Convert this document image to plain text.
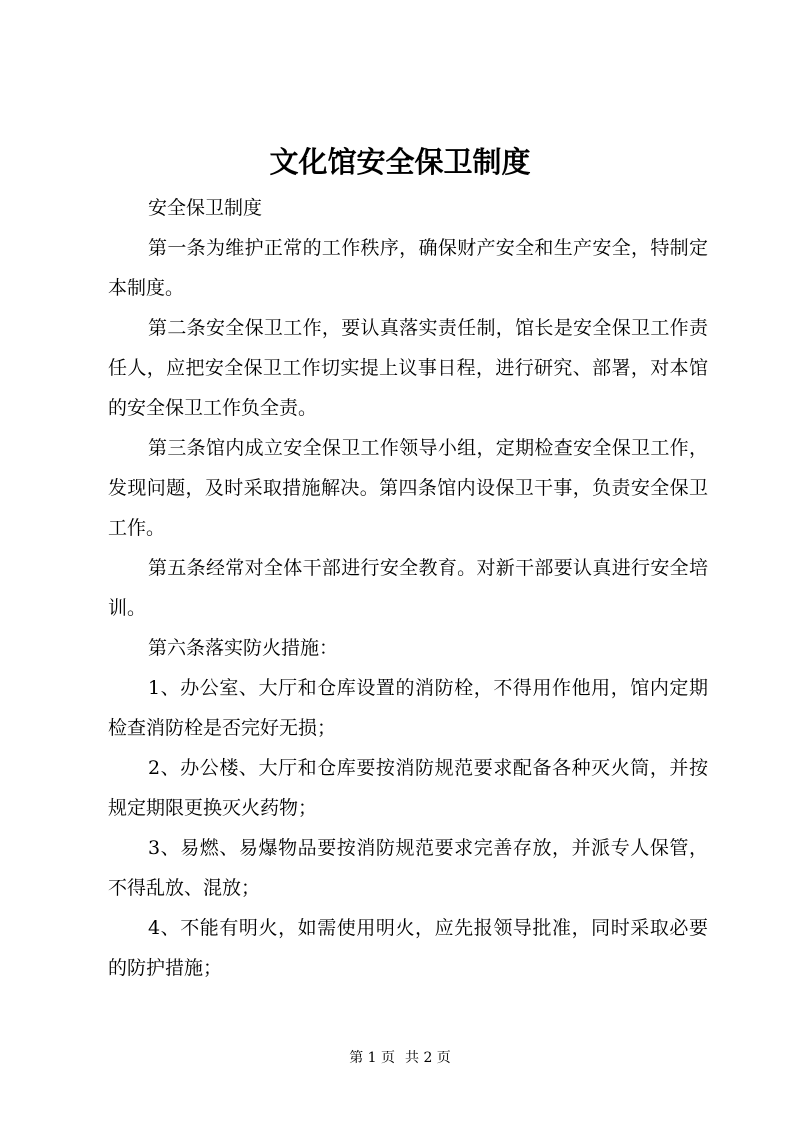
文化馆安全保卫制度

安全保卫制度

第一条为维护正常的工作秩序，确保财产安全和生产安全，特制定本制度。

第二条安全保卫工作，要认真落实责任制，馆长是安全保卫工作责任人，应把安全保卫工作切实提上议事日程，进行研究、部署，对本馆的安全保卫工作负全责。

第三条馆内成立安全保卫工作领导小组，定期检查安全保卫工作，发现问题，及时采取措施解决。第四条馆内设保卫干事，负责安全保卫工作。

第五条经常对全体干部进行安全教育。对新干部要认真进行安全培训。

第六条落实防火措施：

1、办公室、大厅和仓库设置的消防栓，不得用作他用，馆内定期检查消防栓是否完好无损；

2、办公楼、大厅和仓库要按消防规范要求配备各种灭火筒，并按规定期限更换灭火药物；

3、易燃、易爆物品要按消防规范要求完善存放，并派专人保管，不得乱放、混放；

4、不能有明火，如需使用明火，应先报领导批准，同时采取必要的防护措施；

第 1 页 共 2 页
